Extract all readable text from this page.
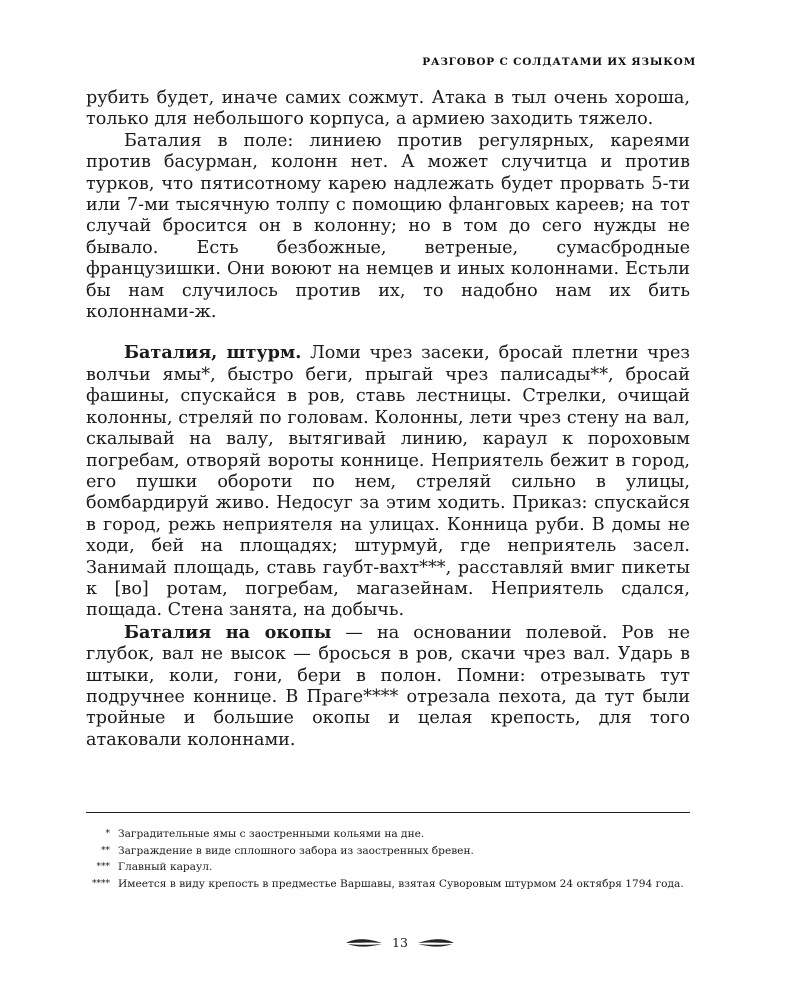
РАЗГОВОР С СОЛДАТАМИ ИХ ЯЗЫКОМ

рубить будет, иначе самих сожмут. Атака в тыл очень хороша, только для небольшого корпуса, а армиею заходить тяжело.

Баталия в поле: линиею против регулярных, кареями против басурман, колонн нет. А может случитца и против турков, что пятисотному карею надлежать будет прорвать 5-ти или 7-ми тысячную толпу с помощию фланговых кареев; на тот случай бросится он в колонну; но в том до сего нужды не бывало. Есть безбожные, ветреные, сумасбродные французишки. Они воюют на немцев и иных колоннами. Естьли бы нам случилось против их, то надобно нам их бить колоннами-ж.

Баталия, штурм. Ломи чрез засеки, бросай плетни чрез волчьи ямы*, быстро беги, прыгай чрез палисады**, бросай фашины, спускайся в ров, ставь лестницы. Стрелки, очищай колонны, стреляй по головам. Колонны, лети чрез стену на вал, скалывай на валу, вытягивай линию, караул к пороховым погребам, отворяй вороты коннице. Неприятель бежит в город, его пушки обороти по нем, стреляй сильно в улицы, бомбардируй живо. Недосуг за этим ходить. Приказ: спускайся в город, режь неприятеля на улицах. Конница руби. В домы не ходи, бей на площадях; штурмуй, где неприятель засел. Занимай площадь, ставь гаубт-вахт***, расставляй вмиг пикеты к [во] ротам, погребам, магазейнам. Неприятель сдался, пощада. Стена занята, на добычь.

Баталия на окопы — на основании полевой. Ров не глубок, вал не высок — бросься в ров, скачи чрез вал. Ударь в штыки, коли, гони, бери в полон. Помни: отрезывать тут подручнее коннице. В Праге**** отрезала пехота, да тут были тройные и большие окопы и целая крепость, для того атаковали колоннами.

* Заградительные ямы с заостренными кольями на дне.
** Заграждение в виде сплошного забора из заостренных бревен.
*** Главный караул.
**** Имеется в виду крепость в предместье Варшавы, взятая Суворовым штурмом 24 октября 1794 года.
13
